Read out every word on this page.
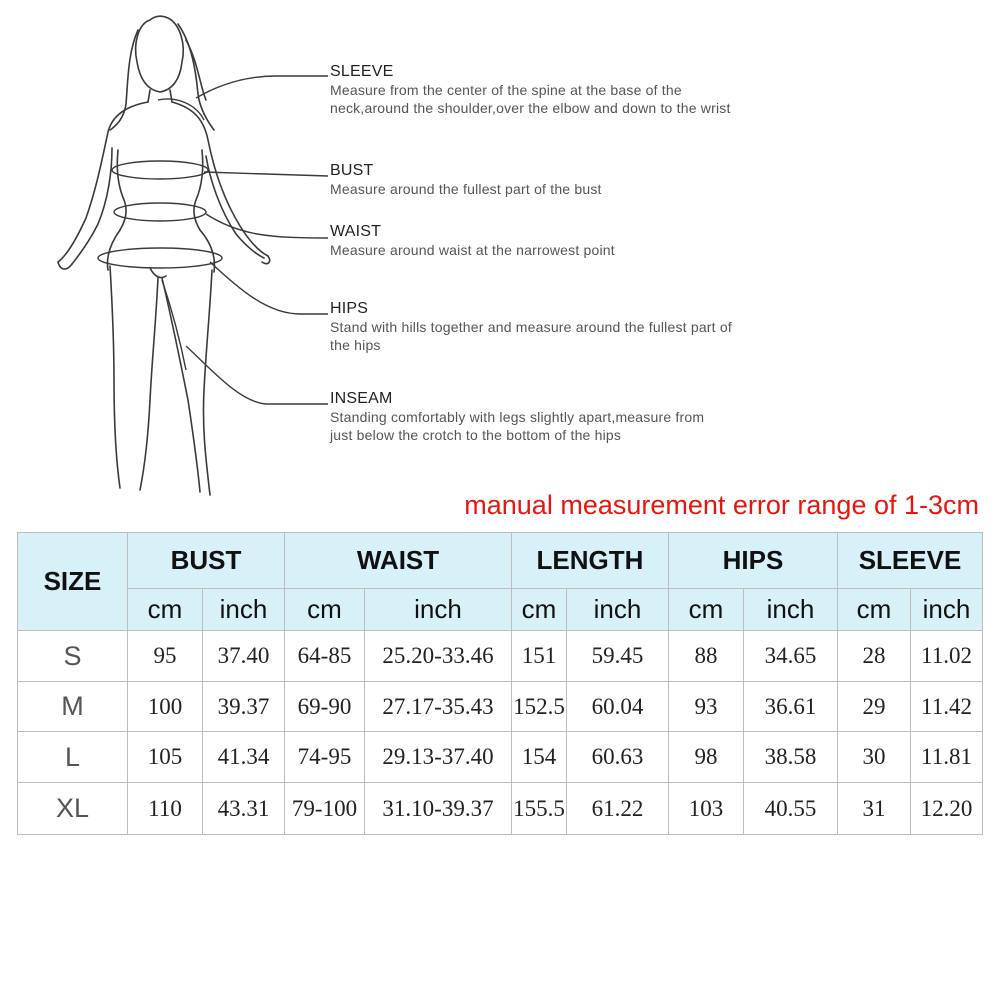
SLEEVE
Measure from the center of the spine at the base of the neck,around the shoulder,over the elbow and down to the wrist
BUST
Measure around the fullest part of the bust
WAIST
Measure around waist at the narrowest point
HIPS
Stand with hills together and measure around the fullest part of the hips
INSEAM
Standing comfortably with legs slightly apart,measure from just below the crotch to the bottom of the hips
manual measurement error range of 1-3cm
SIZE	BUST		WAIST		LENGTH		HIPS		SLEEVE	
	cm	inch	cm	inch	cm	inch	cm	inch	cm	inch
S	95	37.40	64-85	25.20-33.46	151	59.45	88	34.65	28	11.02
M	100	39.37	69-90	27.17-35.43	152.5	60.04	93	36.61	29	11.42
L	105	41.34	74-95	29.13-37.40	154	60.63	98	38.58	30	11.81
XL	110	43.31	79-100	31.10-39.37	155.5	61.22	103	40.55	31	12.20
